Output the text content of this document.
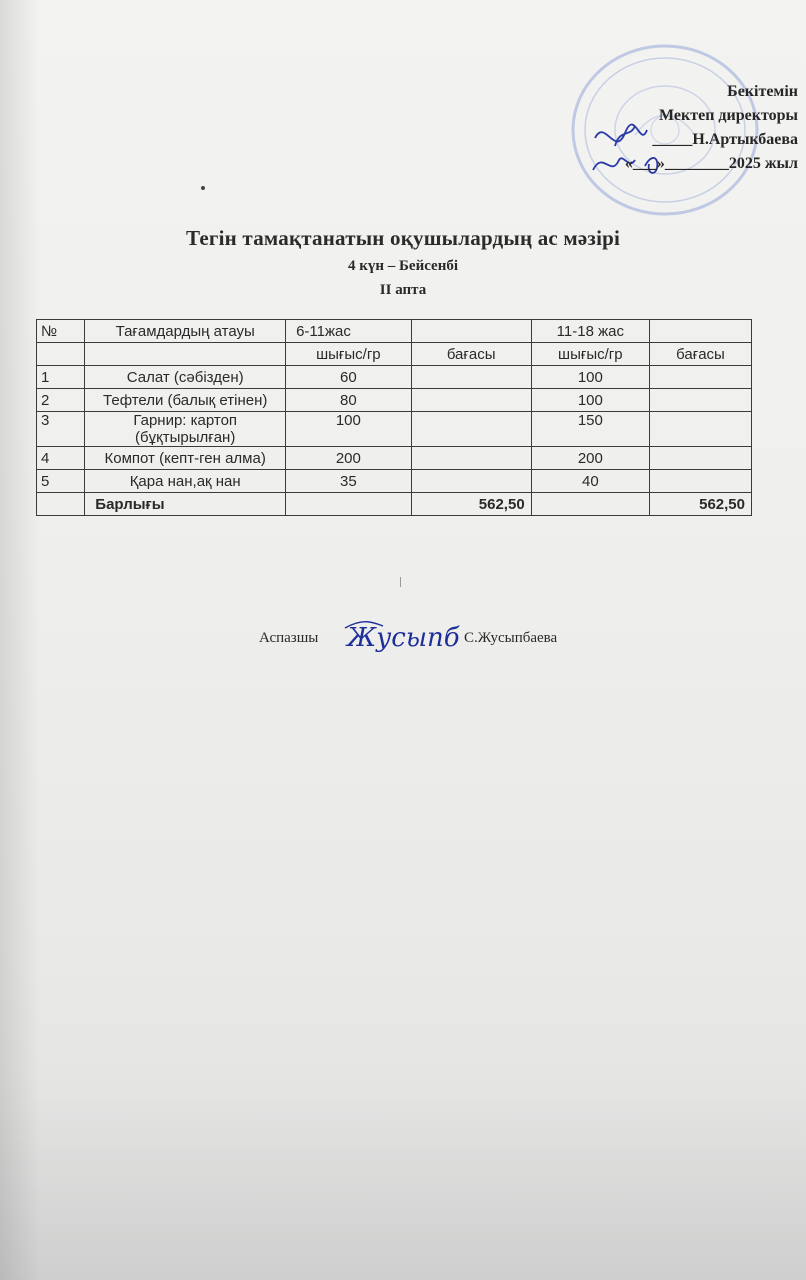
Бекітемін
Мектеп директоры
_____Н.Артыкбаева
«___»________2025 жыл
Тегін тамақтанатын оқушылардың ас мәзірі
4 күн – Бейсенбі
II апта
№	Тағамдардың атауы	6-11жас		11-18 жас	
		шығыс/гр	бағасы	шығыс/гр	бағасы
1	Салат (сәбізден)	60		100	
2	Тефтели (балық етінен)	80		100	
3	Гарнир: картоп (бұқтырылған)	100		150	
4	Компот (кепт-ген алма)	200		200	
5	Қара нан,ақ нан	35		40	
	Барлығы		562,50		562,50
Аспазшы Жусыпб С.Жусыпбаева
